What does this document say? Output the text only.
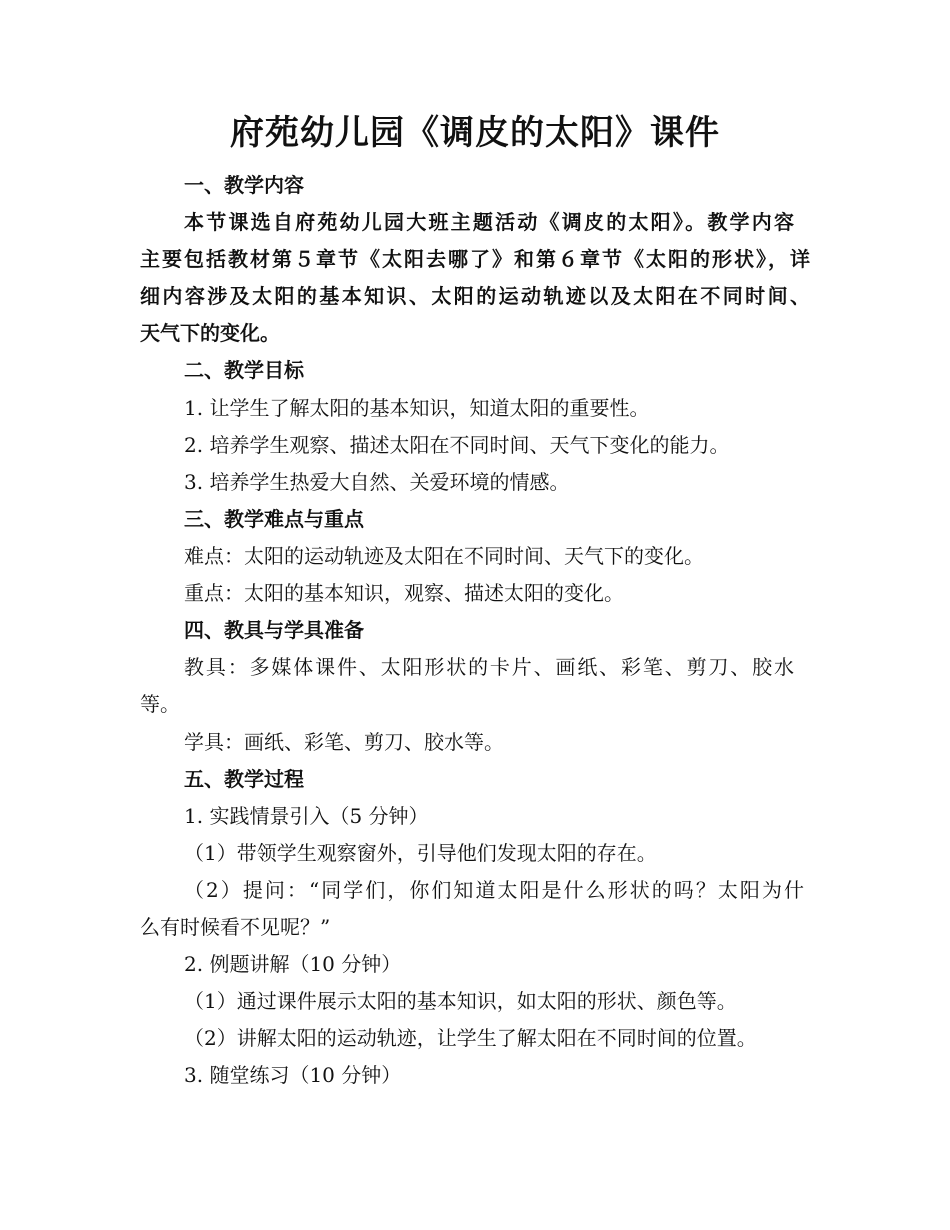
府苑幼儿园《调皮的太阳》课件
一、教学内容
本节课选自府苑幼儿园大班主题活动《调皮的太阳》。教学内容
主要包括教材第５章节《太阳去哪了》和第６章节《太阳的形状》，详
细内容涉及太阳的基本知识、太阳的运动轨迹以及太阳在不同时间、
天气下的变化。
二、教学目标
1. 让学生了解太阳的基本知识，知道太阳的重要性。
2. 培养学生观察、描述太阳在不同时间、天气下变化的能力。
3. 培养学生热爱大自然、关爱环境的情感。
三、教学难点与重点
难点：太阳的运动轨迹及太阳在不同时间、天气下的变化。
重点：太阳的基本知识，观察、描述太阳的变化。
四、教具与学具准备
教具：多媒体课件、太阳形状的卡片、画纸、彩笔、剪刀、胶水
等。
学具：画纸、彩笔、剪刀、胶水等。
五、教学过程
1. 实践情景引入（5 分钟）
（1）带领学生观察窗外，引导他们发现太阳的存在。
（2）提问：“同学们，你们知道太阳是什么形状的吗？太阳为什
么有时候看不见呢？”
2. 例题讲解（10 分钟）
（1）通过课件展示太阳的基本知识，如太阳的形状、颜色等。
（2）讲解太阳的运动轨迹，让学生了解太阳在不同时间的位置。
3. 随堂练习（10 分钟）
